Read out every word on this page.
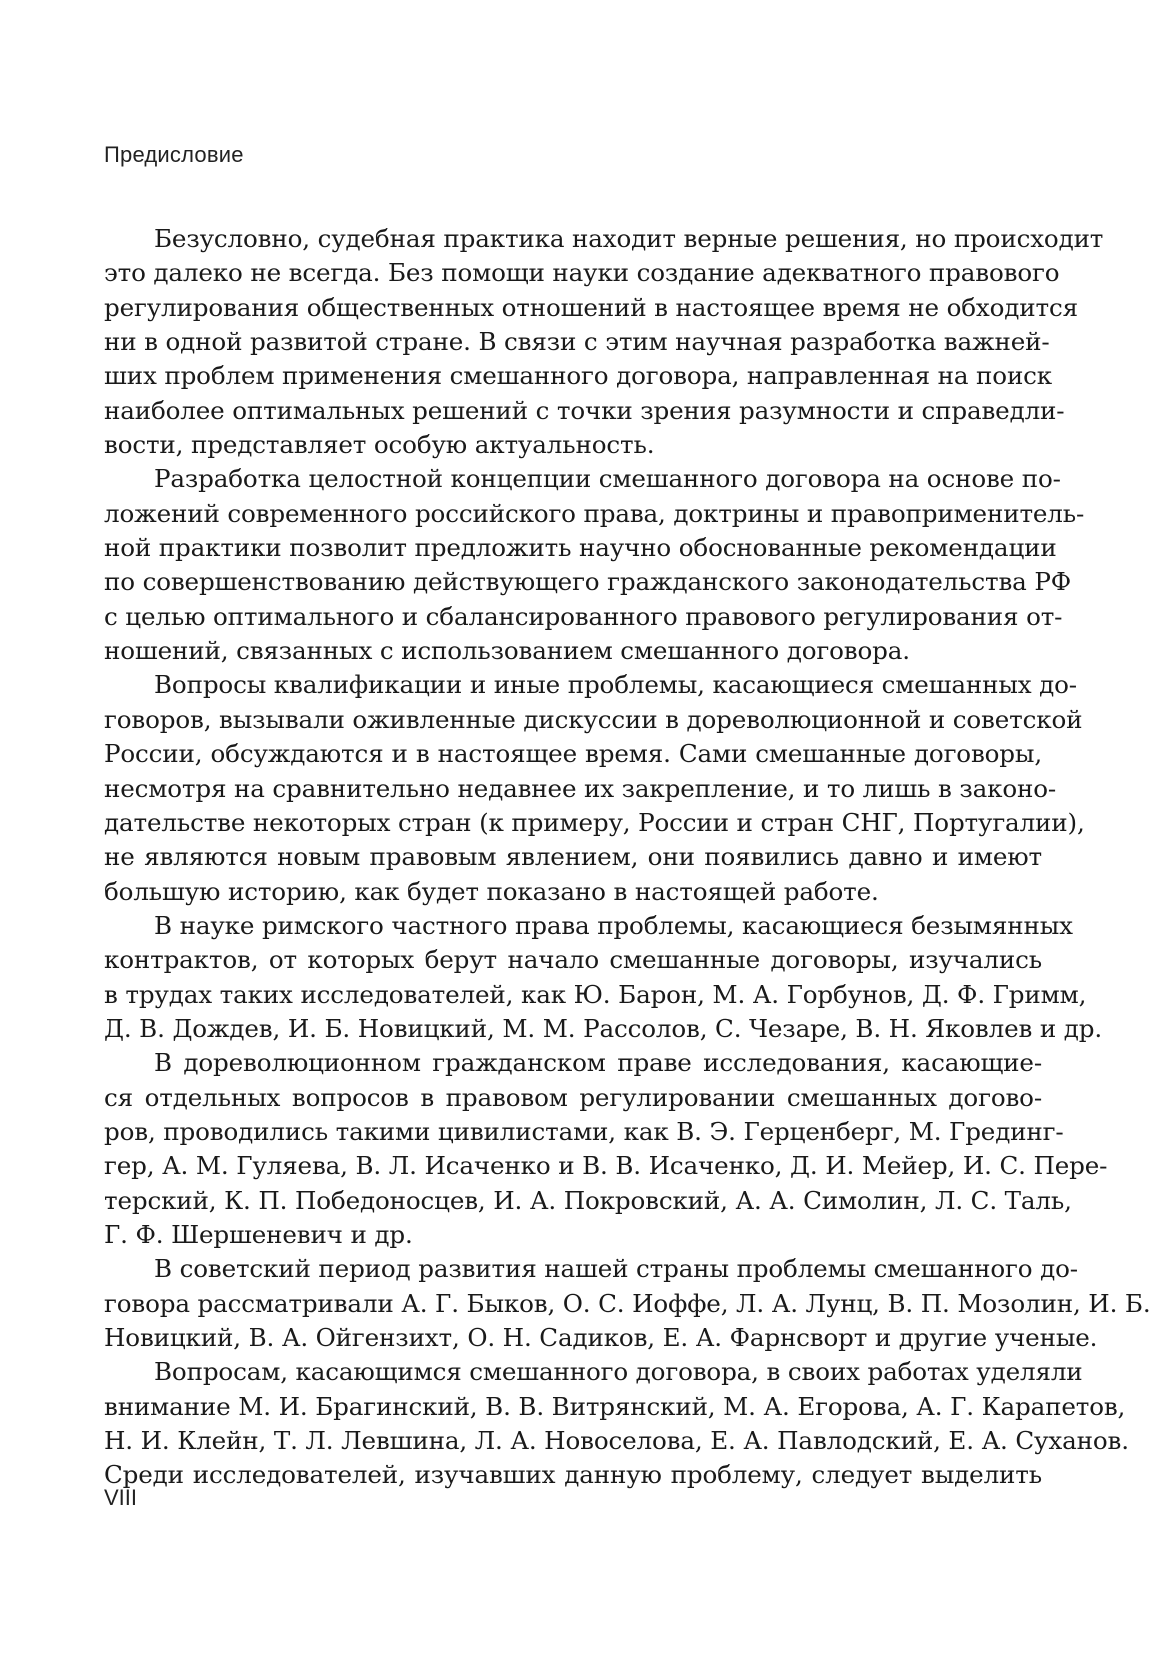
Предисловие
Безусловно, судебная практика находит верные решения, но происходит
это далеко не всегда. Без помощи науки создание адекватного правового
регулирования общественных отношений в настоящее время не обходится
ни в одной развитой стране. В связи с этим научная разработка важней-
ших проблем применения смешанного договора, направленная на поиск
наиболее оптимальных решений с точки зрения разумности и справедли-
вости, представляет особую актуальность.
Разработка целостной концепции смешанного договора на основе по-
ложений современного российского права, доктрины и правоприменитель-
ной практики позволит предложить научно обоснованные рекомендации
по совершенствованию действующего гражданского законодательства РФ
с целью оптимального и сбалансированного правового регулирования от-
ношений, связанных с использованием смешанного договора.
Вопросы квалификации и иные проблемы, касающиеся смешанных до-
говоров, вызывали оживленные дискуссии в дореволюционной и советской
России, обсуждаются и в настоящее время. Сами смешанные договоры,
несмотря на сравнительно недавнее их закрепление, и то лишь в законо-
дательстве некоторых стран (к примеру, России и стран СНГ, Португалии),
не являются новым правовым явлением, они появились давно и имеют
большую историю, как будет показано в настоящей работе.
В науке римского частного права проблемы, касающиеся безымянных
контрактов, от которых берут начало смешанные договоры, изучались
в трудах таких исследователей, как Ю. Барон, М. А. Горбунов, Д. Ф. Гримм,
Д. В. Дождев, И. Б. Новицкий, М. М. Рассолов, С. Чезаре, В. Н. Яковлев и др.
В дореволюционном гражданском праве исследования, касающие-
ся отдельных вопросов в правовом регулировании смешанных догово-
ров, проводились такими цивилистами, как В. Э. Герценберг, М. Грединг-
гер, А. М. Гуляева, В. Л. Исаченко и В. В. Исаченко, Д. И. Мейер, И. С. Пере-
терский, К. П. Победоносцев, И. А. Покровский, А. А. Симолин, Л. С. Таль,
Г. Ф. Шершеневич и др.
В советский период развития нашей страны проблемы смешанного до-
говора рассматривали А. Г. Быков, О. С. Иоффе, Л. А. Лунц, В. П. Мозолин, И. Б.
Новицкий, В. А. Ойгензихт, О. Н. Садиков, Е. А. Фарнсворт и другие ученые.
Вопросам, касающимся смешанного договора, в своих работах уделяли
внимание М. И. Брагинский, В. В. Витрянский, М. А. Егорова, А. Г. Карапетов,
Н. И. Клейн, Т. Л. Левшина, Л. А. Новоселова, Е. А. Павлодский, Е. А. Суханов.
Среди исследователей, изучавших данную проблему, следует выделить
VIII
